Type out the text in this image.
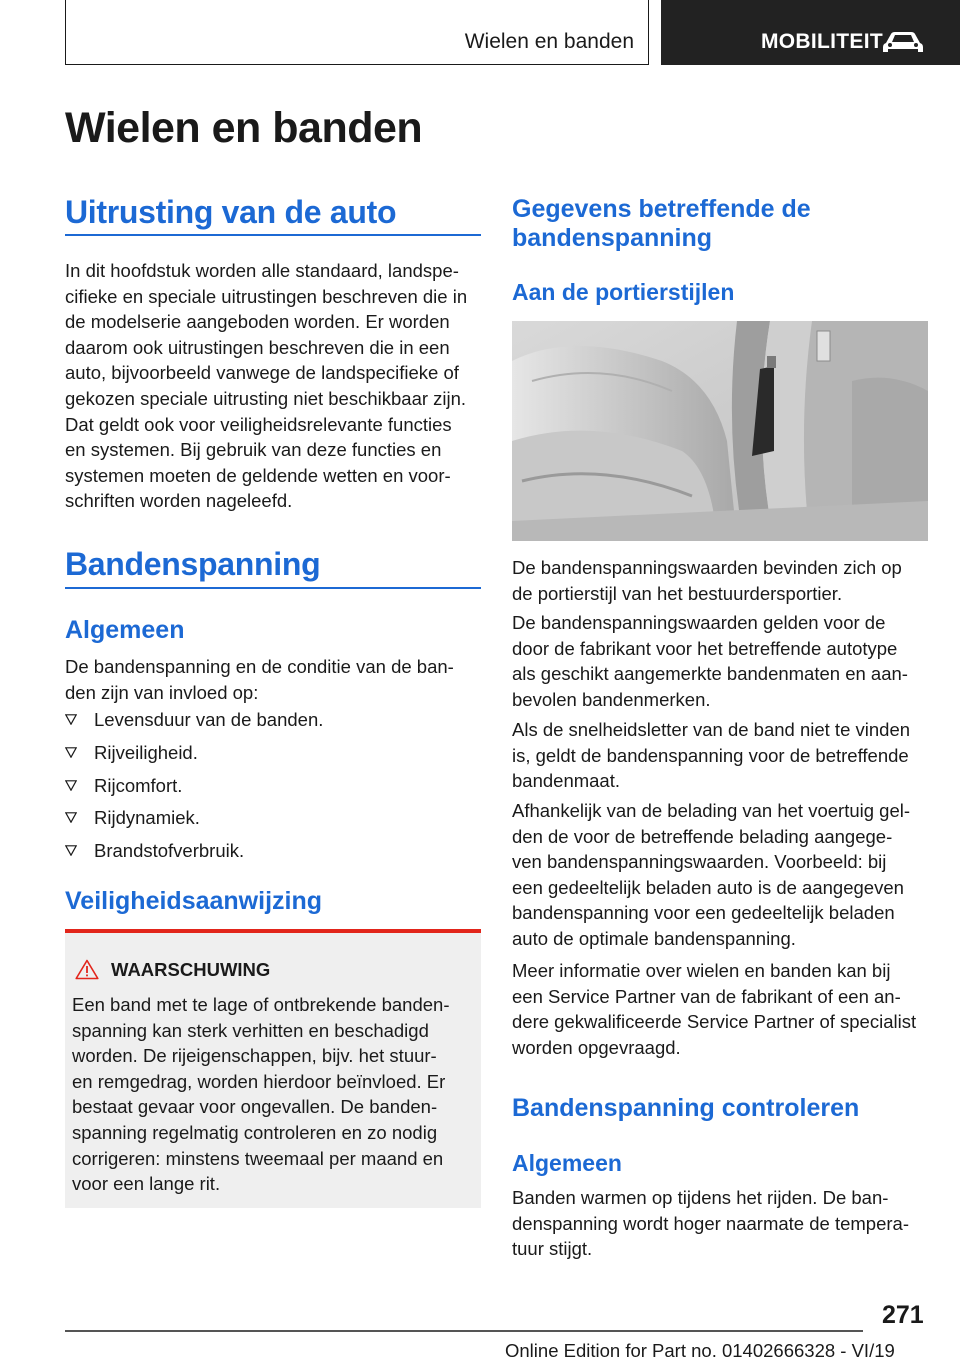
Wielen en banden	MOBILITEIT
Wielen en banden
Uitrusting van de auto
In dit hoofdstuk worden alle standaard, landspe-
cifieke en speciale uitrustingen beschreven die in
de modelserie aangeboden worden. Er worden
daarom ook uitrustingen beschreven die in een
auto, bijvoorbeeld vanwege de landspecifieke of
gekozen speciale uitrusting niet beschikbaar zijn.
Dat geldt ook voor veiligheidsrelevante functies
en systemen. Bij gebruik van deze functies en
systemen moeten de geldende wetten en voor-
schriften worden nageleefd.
Bandenspanning
Algemeen
De bandenspanning en de conditie van de ban-
den zijn van invloed op:
Levensduur van de banden.
Rijveiligheid.
Rijcomfort.
Rijdynamiek.
Brandstofverbruik.
Veiligheidsaanwijzing
WAARSCHUWING
Een band met te lage of ontbrekende banden-
spanning kan sterk verhitten en beschadigd
worden. De rijeigenschappen, bijv. het stuur-
en remgedrag, worden hierdoor beïnvloed. Er
bestaat gevaar voor ongevallen. De banden-
spanning regelmatig controleren en zo nodig
corrigeren: minstens tweemaal per maand en
voor een lange rit.
Gegevens betreffende de
bandenspanning
Aan de portierstijlen
De bandenspanningswaarden bevinden zich op
de portierstijl van het bestuurdersportier.
De bandenspanningswaarden gelden voor de
door de fabrikant voor het betreffende autotype
als geschikt aangemerkte bandenmaten en aan-
bevolen bandenmerken.
Als de snelheidsletter van de band niet te vinden
is, geldt de bandenspanning voor de betreffende
bandenmaat.
Afhankelijk van de belading van het voertuig gel-
den de voor de betreffende belading aangege-
ven bandenspanningswaarden. Voorbeeld: bij
een gedeeltelijk beladen auto is de aangegeven
bandenspanning voor een gedeeltelijk beladen
auto de optimale bandenspanning.
Meer informatie over wielen en banden kan bij
een Service Partner van de fabrikant of een an-
dere gekwalificeerde Service Partner of specialist
worden opgevraagd.
Bandenspanning controleren
Algemeen
Banden warmen op tijdens het rijden. De ban-
denspanning wordt hoger naarmate de tempera-
tuur stijgt.
271
Online Edition for Part no. 01402666328 - VI/19
